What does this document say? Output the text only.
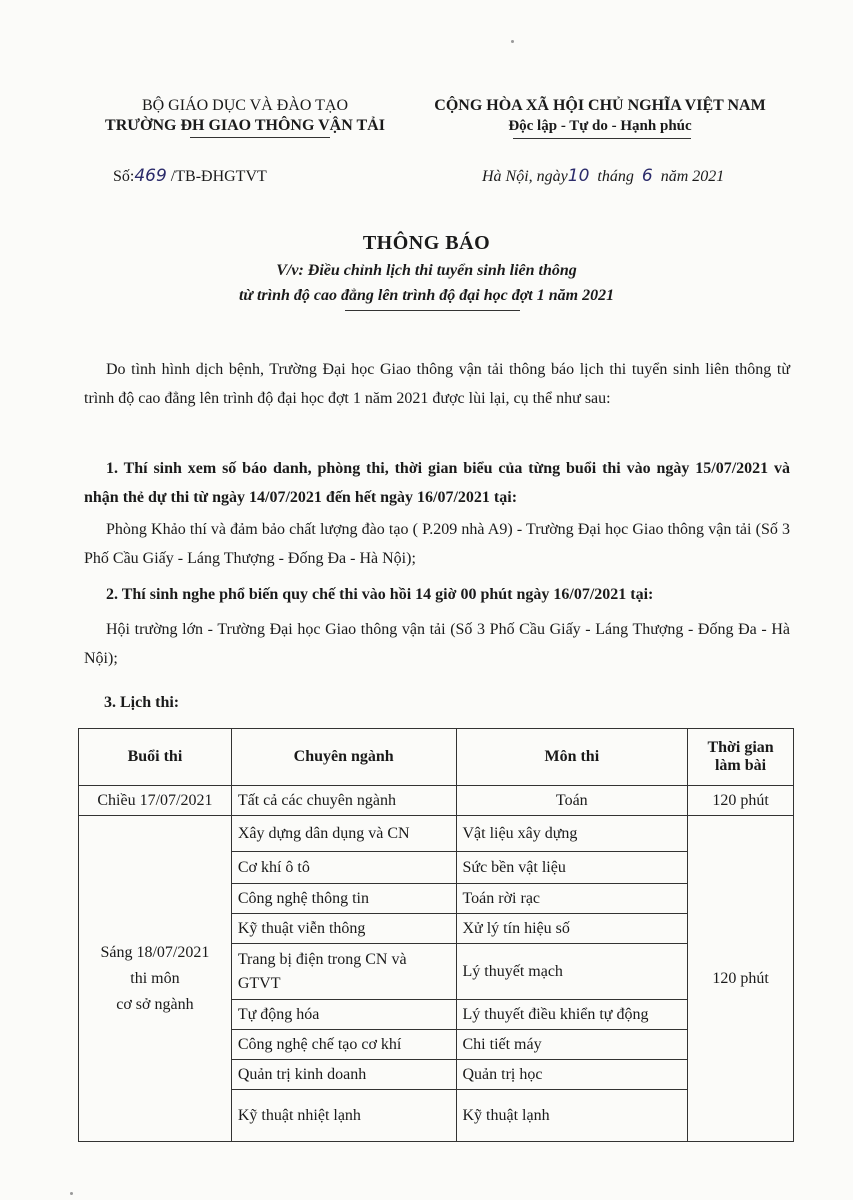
BỘ GIÁO DỤC VÀ ĐÀO TẠO
TRƯỜNG ĐH GIAO THÔNG VẬN TẢI
CỘNG HÒA XÃ HỘI CHỦ NGHĨA VIỆT NAM
Độc lập - Tự do - Hạnh phúc
Số:469 /TB-ĐHGTVT	Hà Nội, ngày10 tháng 6 năm 2021
THÔNG BÁO
V/v: Điều chỉnh lịch thi tuyển sinh liên thông
từ trình độ cao đẳng lên trình độ đại học đợt 1 năm 2021
Do tình hình dịch bệnh, Trường Đại học Giao thông vận tải thông báo lịch thi tuyển sinh liên thông từ trình độ cao đẳng lên trình độ đại học đợt 1 năm 2021 được lùi lại, cụ thể như sau:
1. Thí sinh xem số báo danh, phòng thi, thời gian biểu của từng buổi thi vào ngày 15/07/2021 và nhận thẻ dự thi từ ngày 14/07/2021 đến hết ngày 16/07/2021 tại:
Phòng Khảo thí và đảm bảo chất lượng đào tạo ( P.209 nhà A9) - Trường Đại học Giao thông vận tải (Số 3 Phố Cầu Giấy - Láng Thượng - Đống Đa - Hà Nội);
2. Thí sinh nghe phổ biến quy chế thi vào hồi 14 giờ 00 phút ngày 16/07/2021 tại:
Hội trường lớn - Trường Đại học Giao thông vận tải (Số 3 Phố Cầu Giấy - Láng Thượng - Đống Đa - Hà Nội);
3. Lịch thi:
Buổi thi	Chuyên ngành	Môn thi	Thời gian làm bài
Chiều 17/07/2021	Tất cả các chuyên ngành	Toán	120 phút

Sáng 18/07/2021
thi môn
cơ sở ngành	Xây dựng dân dụng và CN	Vật liệu xây dựng	120 phút
	Cơ khí ô tô	Sức bền vật liệu	
	Công nghệ thông tin	Toán rời rạc	
	Kỹ thuật viễn thông	Xử lý tín hiệu số	
	Trang bị điện trong CN và GTVT	Lý thuyết mạch	
	Tự động hóa	Lý thuyết điều khiển tự động	
	Công nghệ chế tạo cơ khí	Chi tiết máy	
	Quản trị kinh doanh	Quản trị học	
	Kỹ thuật nhiệt lạnh	Kỹ thuật lạnh	
